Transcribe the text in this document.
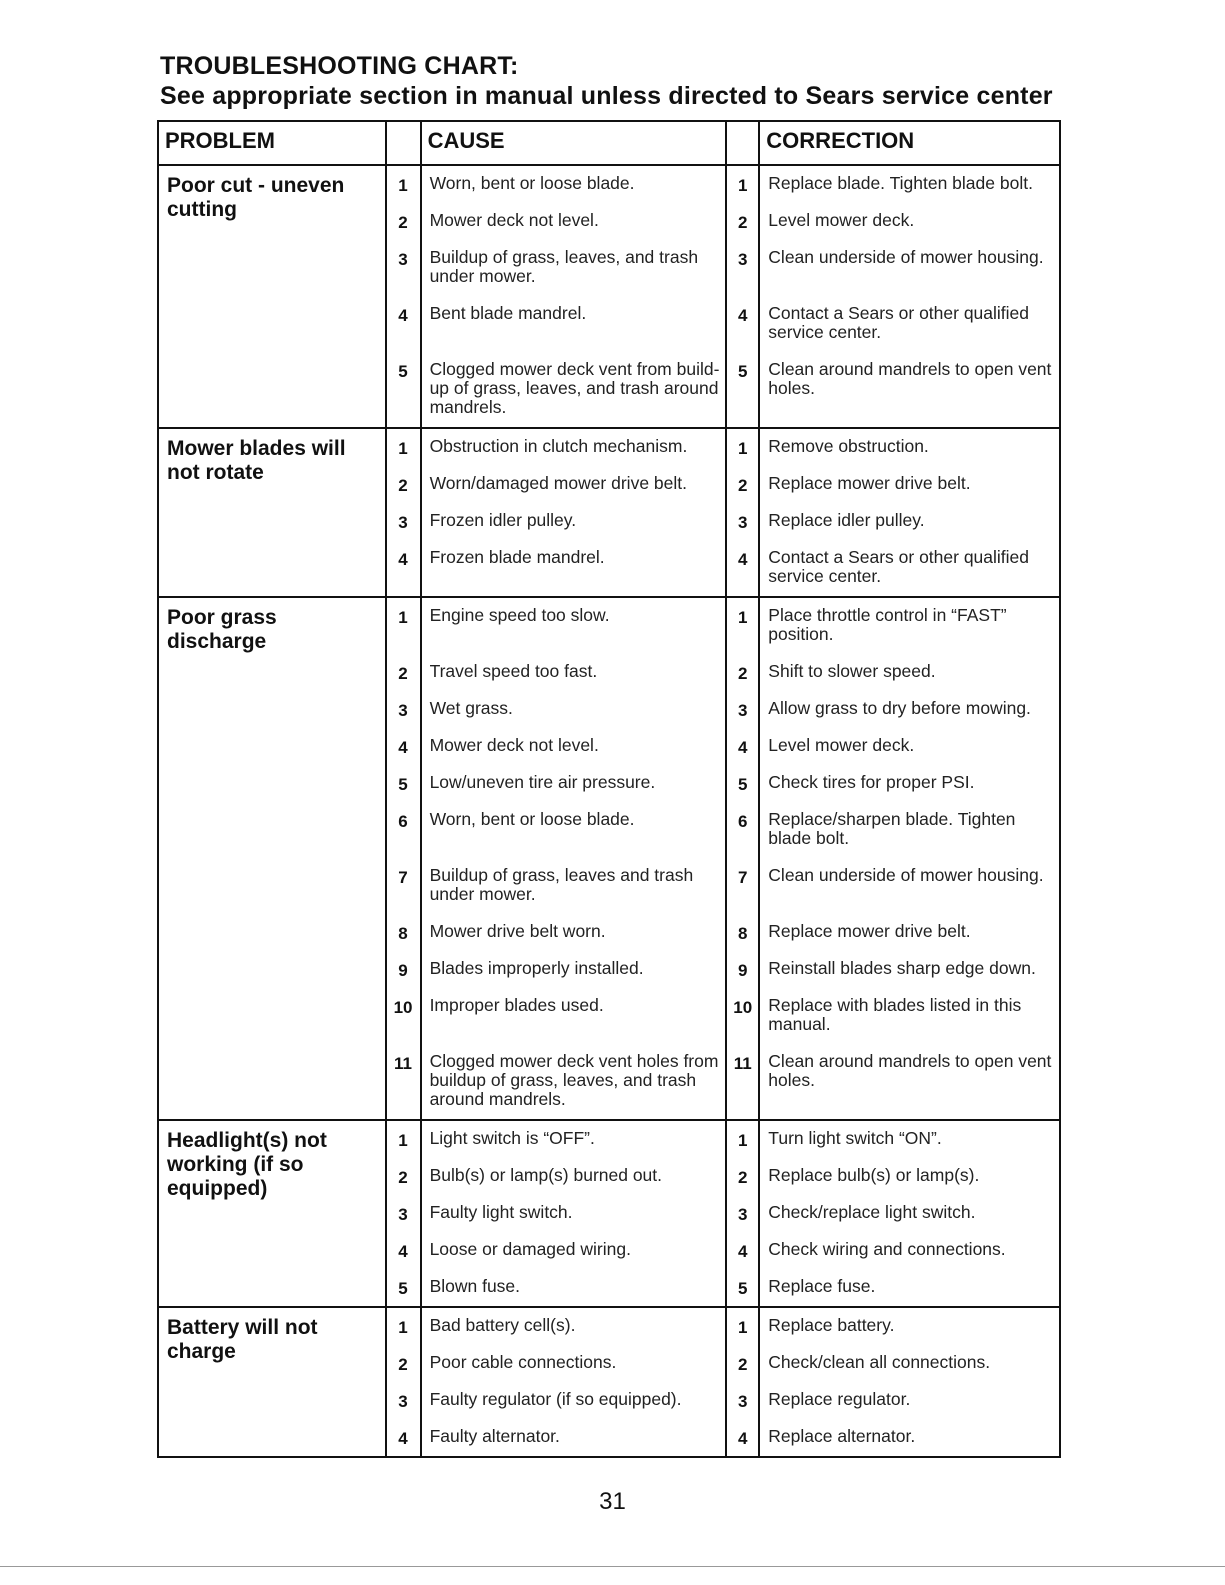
TROUBLESHOOTING CHART:
See appropriate section in manual unless directed to Sears service center
PROBLEM		CAUSE		CORRECTION
Poor cut - uneven cutting	1	Worn, bent or loose blade.	1	Replace blade. Tighten blade bolt.
	2	Mower deck not level.	2	Level mower deck.
	3	Buildup of grass, leaves, and trash under mower.	3	Clean underside of mower housing.
	4	Bent blade mandrel.	4	Contact a Sears or other qualified service center.
	5	Clogged mower deck vent from build-up of grass, leaves, and trash around mandrels.	5	Clean around mandrels to open vent holes.
Mower blades will not rotate	1	Obstruction in clutch mechanism.	1	Remove obstruction.
	2	Worn/damaged mower drive belt.	2	Replace mower drive belt.
	3	Frozen idler pulley.	3	Replace idler pulley.
	4	Frozen blade mandrel.	4	Contact a Sears or other qualified service center.
Poor grass discharge	1	Engine speed too slow.	1	Place throttle control in “FAST” position.
	2	Travel speed too fast.	2	Shift to slower speed.
	3	Wet grass.	3	Allow grass to dry before mowing.
	4	Mower deck not level.	4	Level mower deck.
	5	Low/uneven tire air pressure.	5	Check tires for proper PSI.
	6	Worn, bent or loose blade.	6	Replace/sharpen blade. Tighten blade bolt.
	7	Buildup of grass, leaves and trash under mower.	7	Clean underside of mower housing.
	8	Mower drive belt worn.	8	Replace mower drive belt.
	9	Blades improperly installed.	9	Reinstall blades sharp edge down.
	10	Improper blades used.	10	Replace with blades listed in this manual.
	11	Clogged mower deck vent holes from buildup of grass, leaves, and trash around mandrels.	11	Clean around mandrels to open vent holes.
Headlight(s) not working (if so equipped)	1	Light switch is “OFF”.	1	Turn light switch “ON”.
	2	Bulb(s) or lamp(s) burned out.	2	Replace bulb(s) or lamp(s).
	3	Faulty light switch.	3	Check/replace light switch.
	4	Loose or damaged wiring.	4	Check wiring and connections.
	5	Blown fuse.	5	Replace fuse.
Battery will not charge	1	Bad battery cell(s).	1	Replace battery.
	2	Poor cable connections.	2	Check/clean all connections.
	3	Faulty regulator (if so equipped).	3	Replace regulator.
	4	Faulty alternator.	4	Replace alternator.
31
